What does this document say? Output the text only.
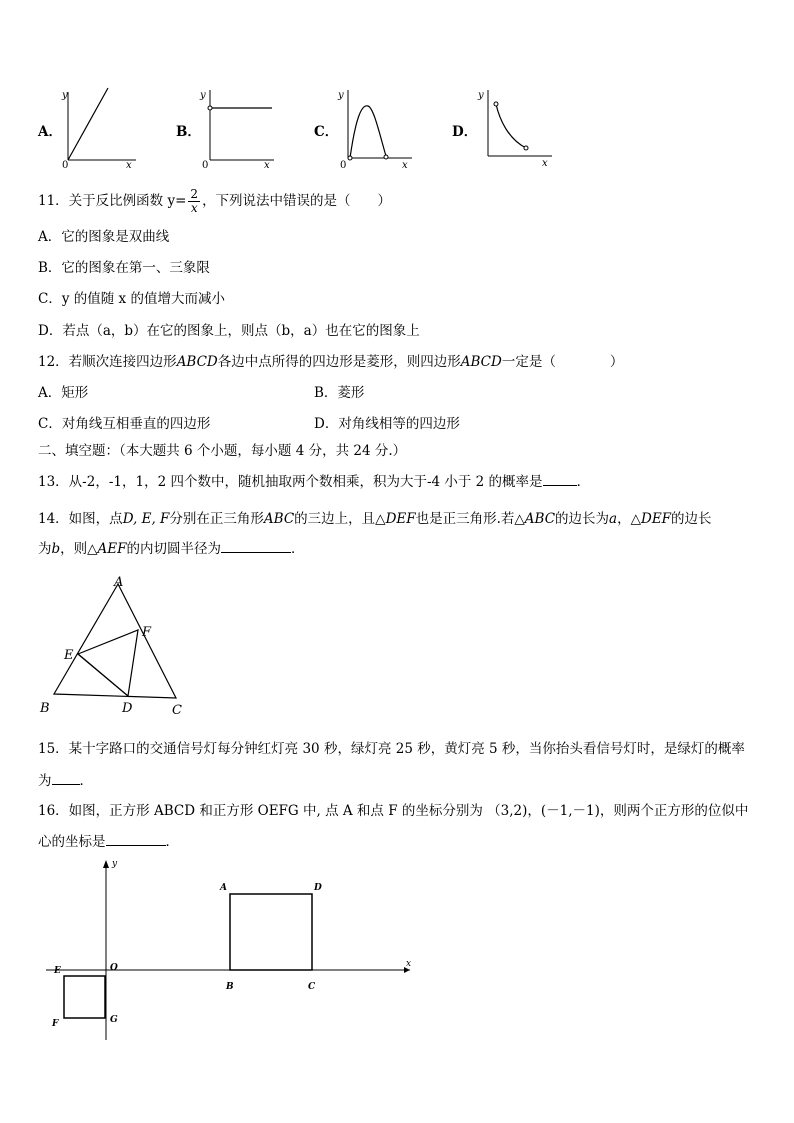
A．
y
x
0
B．
y
x
0
C．
y
x
0
D．
y
x
11．关于反比例函数 $y= \frac{2}{x}$ ，下列说法中错误的是（　　）
A．它的图象是双曲线
B．它的图象在第一、三象限
C．y 的值随 x 的值增大而减小
D．若点（a，b）在它的图象上，则点（b，a）也在它的图象上
12．若顺次连接四边形ABCD各边中点所得的四边形是菱形，则四边形ABCD一定是（　　　　）
A．矩形	B．菱形
C．对角线互相垂直的四边形	D．对角线相等的四边形
二、填空题：（本大题共 6 个小题，每小题 4 分，共 24 分.）
13．从-2，-1，1，2 四个数中，随机抽取两个数相乘，积为大于-4 小于 2 的概率是	．
14．如图，点D, E, F分别在正三角形ABC的三边上，且△DEF也是正三角形.若△ABC的边长为a，△DEF的边长
为b，则△AEF的内切圆半径为	．
A
B	C
D
E
F
15．某十字路口的交通信号灯每分钟红灯亮 30 秒，绿灯亮 25 秒，黄灯亮 5 秒，当你抬头看信号灯时，是绿灯的概率
为 ．
16．如图，正方形 ABCD 和正方形 OEFG 中, 点 A 和点 F 的坐标分别为 （3,2)，(－1,－1)，则两个正方形的位似中
心的坐标是	．
y
x
O
A	D
B	C
E
F	G
